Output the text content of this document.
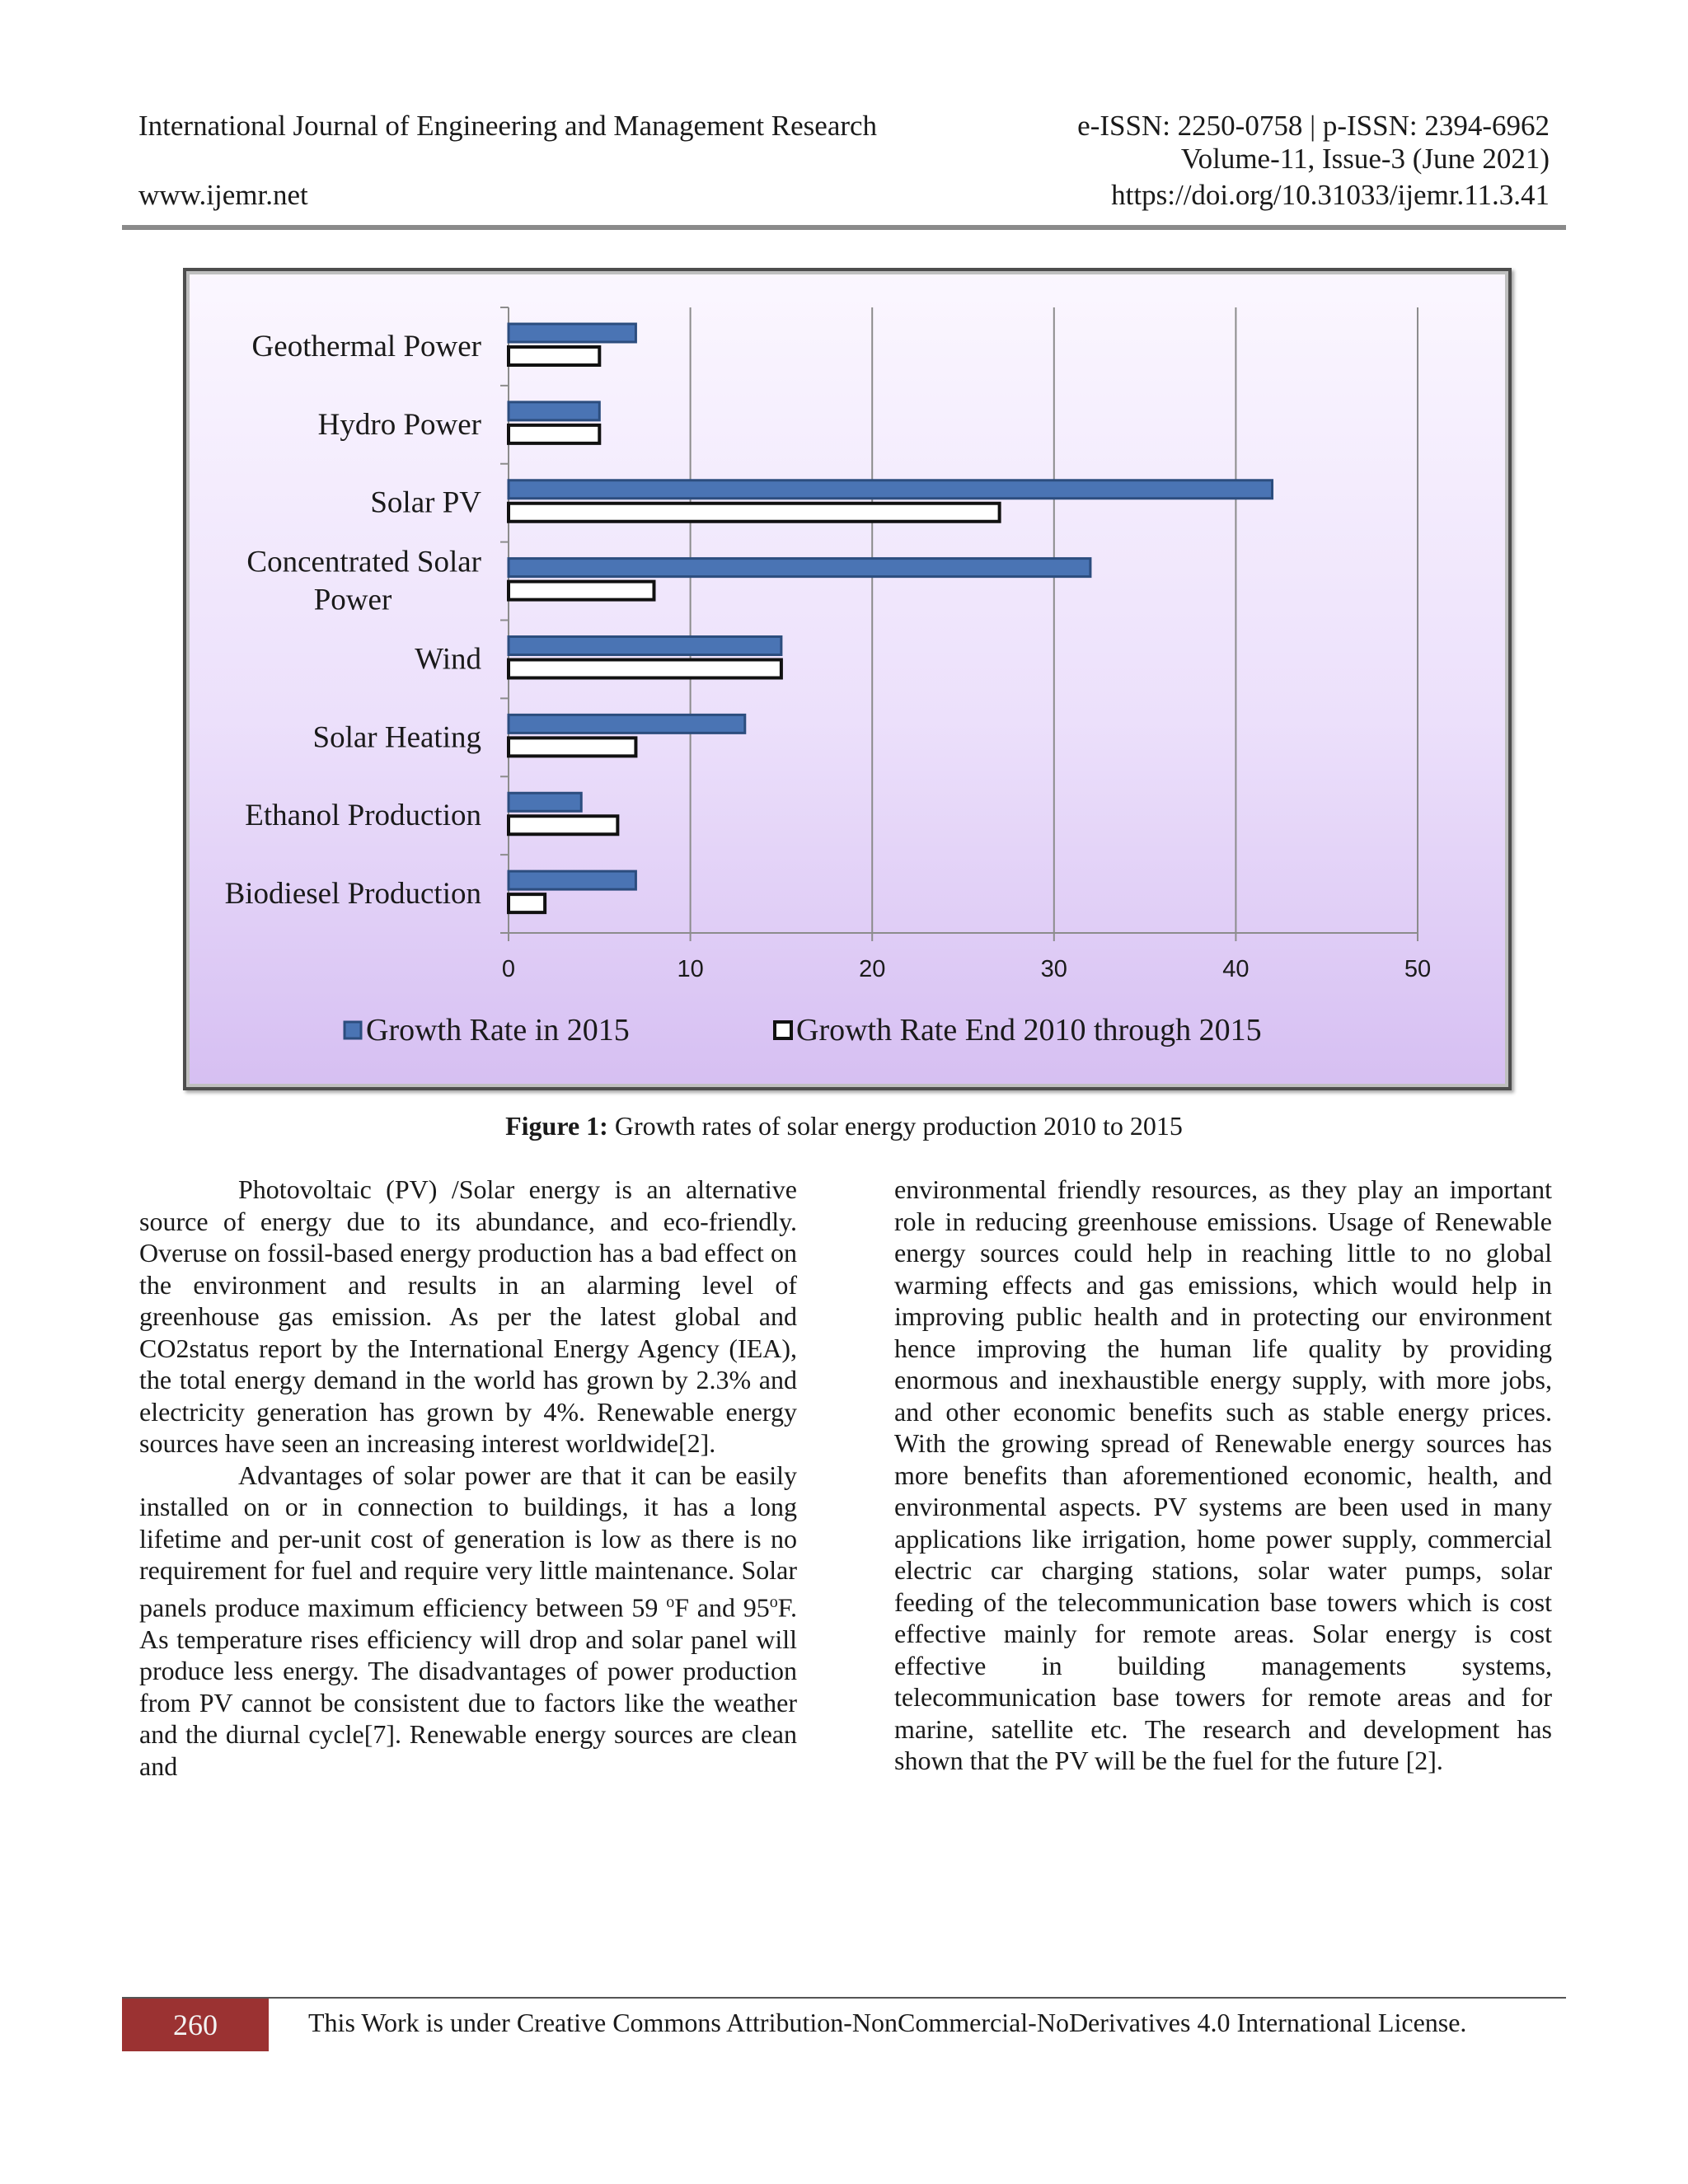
International Journal of Engineering and Management Research	e-ISSN: 2250-0758 | p-ISSN: 2394-6962
Volume-11, Issue-3 (June 2021)
www.ijemr.net	https://doi.org/10.31033/ijemr.11.3.41
Geothermal Power
Hydro Power
Solar PV
Concentrated Solar
Power
Wind
Solar Heating
Ethanol Production
Biodiesel Production
0	10	20	30	40	50
Growth Rate in 2015	Growth Rate End 2010 through 2015
Figure 1: Growth rates of solar energy production 2010 to 2015

Photovoltaic (PV) /Solar energy is an alternative source of energy due to its abundance, and eco-friendly. Overuse on fossil-based energy production has a bad effect on the environment and results in an alarming level of greenhouse gas emission. As per the latest global and CO2status report by the International Energy Agency (IEA), the total energy demand in the world has grown by 2.3% and electricity generation has grown by 4%. Renewable energy sources have seen an increasing interest worldwide[2].

Advantages of solar power are that it can be easily installed on or in connection to buildings, it has a long lifetime and per-unit cost of generation is low as there is no requirement for fuel and require very little maintenance. Solar panels produce maximum efficiency between 59 $^o$F and 95$^o$F. As temperature rises efficiency will drop and solar panel will produce less energy. The disadvantages of power production from PV cannot be consistent due to factors like the weather and the diurnal cycle[7]. Renewable energy sources are clean and

environmental friendly resources, as they play an important role in reducing greenhouse emissions. Usage of Renewable energy sources could help in reaching little to no global warming effects and gas emissions, which would help in improving public health and in protecting our environment hence improving the human life quality by providing enormous and inexhaustible energy supply, with more jobs, and other economic benefits such as stable energy prices. With the growing spread of Renewable energy sources has more benefits than aforementioned economic, health, and environmental aspects. PV systems are been used in many applications like irrigation, home power supply, commercial electric car charging stations, solar water pumps, solar feeding of the telecommunication base towers which is cost effective mainly for remote areas. Solar energy is cost effective in building managements systems, telecommunication base towers for remote areas and for marine, satellite etc. The research and development has shown that the PV will be the fuel for the future [2].

260	This Work is under Creative Commons Attribution-NonCommercial-NoDerivatives 4.0 International License.
